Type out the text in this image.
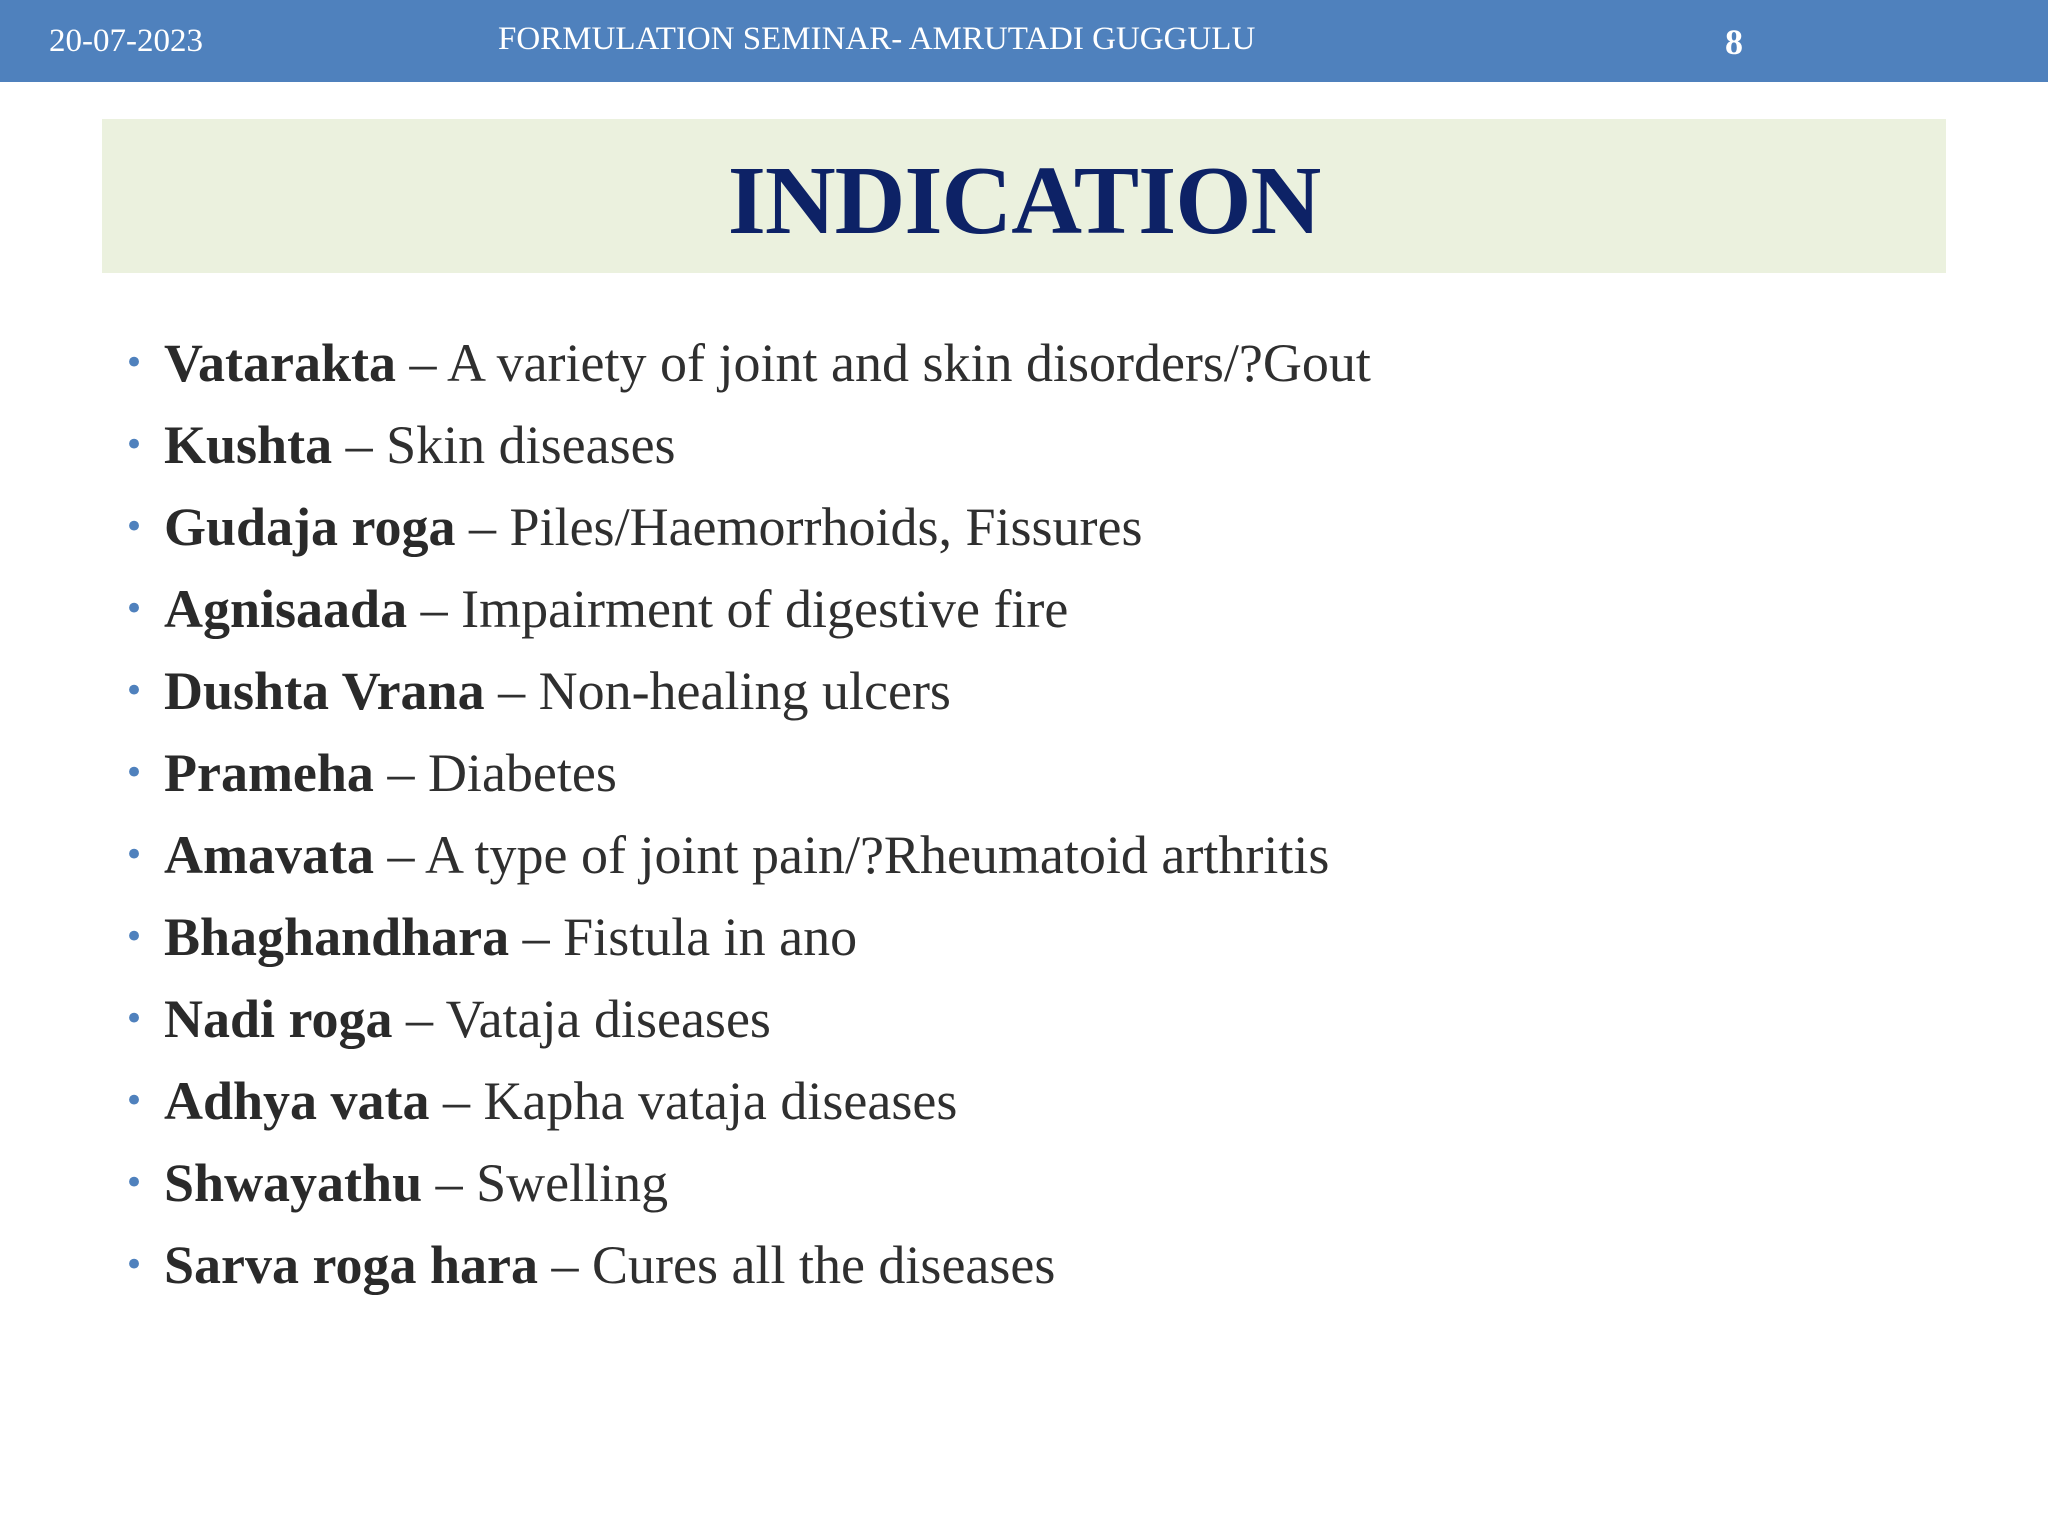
20-07-2023	FORMULATION SEMINAR- AMRUTADI GUGGULU	8
INDICATION
• Vatarakta – A variety of joint and skin disorders/?Gout
• Kushta – Skin diseases
• Gudaja roga – Piles/Haemorrhoids, Fissures
• Agnisaada – Impairment of digestive fire
• Dushta Vrana – Non-healing ulcers
• Prameha – Diabetes
• Amavata – A type of joint pain/?Rheumatoid arthritis
• Bhaghandhara – Fistula in ano
• Nadi roga – Vataja diseases
• Adhya vata – Kapha vataja diseases
• Shwayathu – Swelling
• Sarva roga hara – Cures all the diseases
